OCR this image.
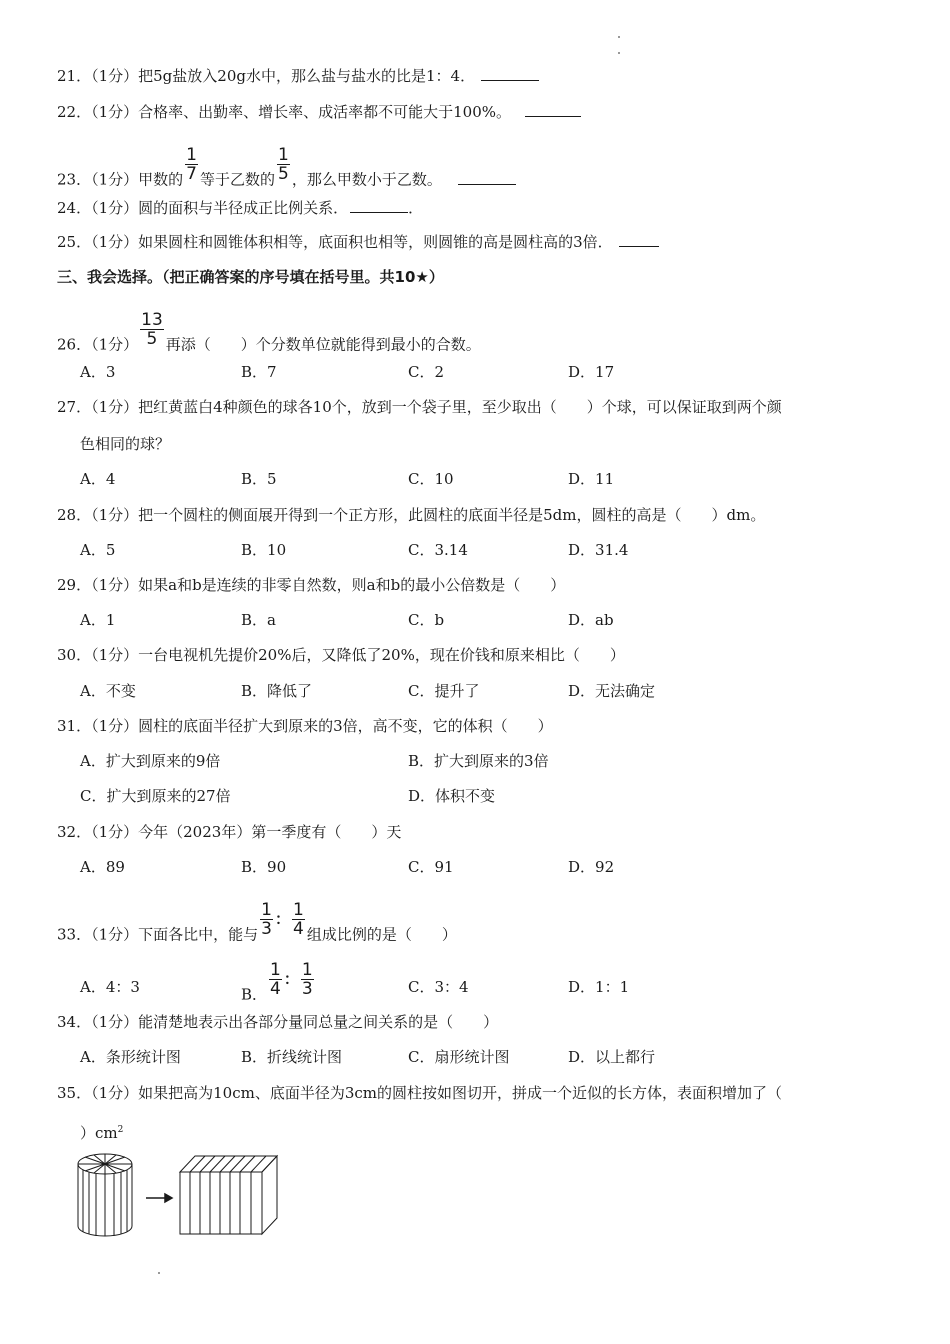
21．（1分）把5g盐放入20g水中，那么盐与盐水的比是1：4．
22．（1分）合格率、出勤率、增长率、成活率都不可能大于100%。
23．（1分）甲数的 $\frac{1}{7}$ 等于乙数的 $\frac{1}{5}$ ，那么甲数小于乙数。
24．（1分）圆的面积与半径成正比例关系．	．
25．（1分）如果圆柱和圆锥体积相等，底面积也相等，则圆锥的高是圆柱高的3倍．
三、我会选择。（把正确答案的序号填在括号里。共10★）
26．（1分） $\frac{13}{5}$ 再添（　　）个分数单位就能得到最小的合数。
A．3	B．7	C．2	D．17
27．（1分）把红黄蓝白4种颜色的球各10个，放到一个袋子里，至少取出（　　）个球，可以保证取到两个颜
色相同的球？
A．4	B．5	C．10	D．11
28．（1分）把一个圆柱的侧面展开得到一个正方形，此圆柱的底面半径是5dm，圆柱的高是（　　）dm。
A．5	B．10	C．3.14	D．31.4
29．（1分）如果a和b是连续的非零自然数，则a和b的最小公倍数是（　　）
A．1	B．a	C．b	D．ab
30．（1分）一台电视机先提价20%后，又降低了20%，现在价钱和原来相比（　　）
A．不变	B．降低了	C．提升了	D．无法确定
31．（1分）圆柱的底面半径扩大到原来的3倍，高不变，它的体积（　　）
A．扩大到原来的9倍	B．扩大到原来的3倍
C．扩大到原来的27倍	D．体积不变
32．（1分）今年（2023年）第一季度有（　　）天
A．89	B．90	C．91	D．92
33．（1分）下面各比中，能与 $\frac{1}{3}$ ： $\frac{1}{4}$ 组成比例的是（　　）
A．4：3	B． $\frac{1}{4}$ ： $\frac{1}{3}$	C．3：4	D．1：1
34．（1分）能清楚地表示出各部分量同总量之间关系的是（　　）
A．条形统计图	B．折线统计图	C．扇形统计图	D．以上都行
35．（1分）如果把高为10cm、底面半径为3cm的圆柱按如图切开，拼成一个近似的长方体，表面积增加了（
）$cm^2$
